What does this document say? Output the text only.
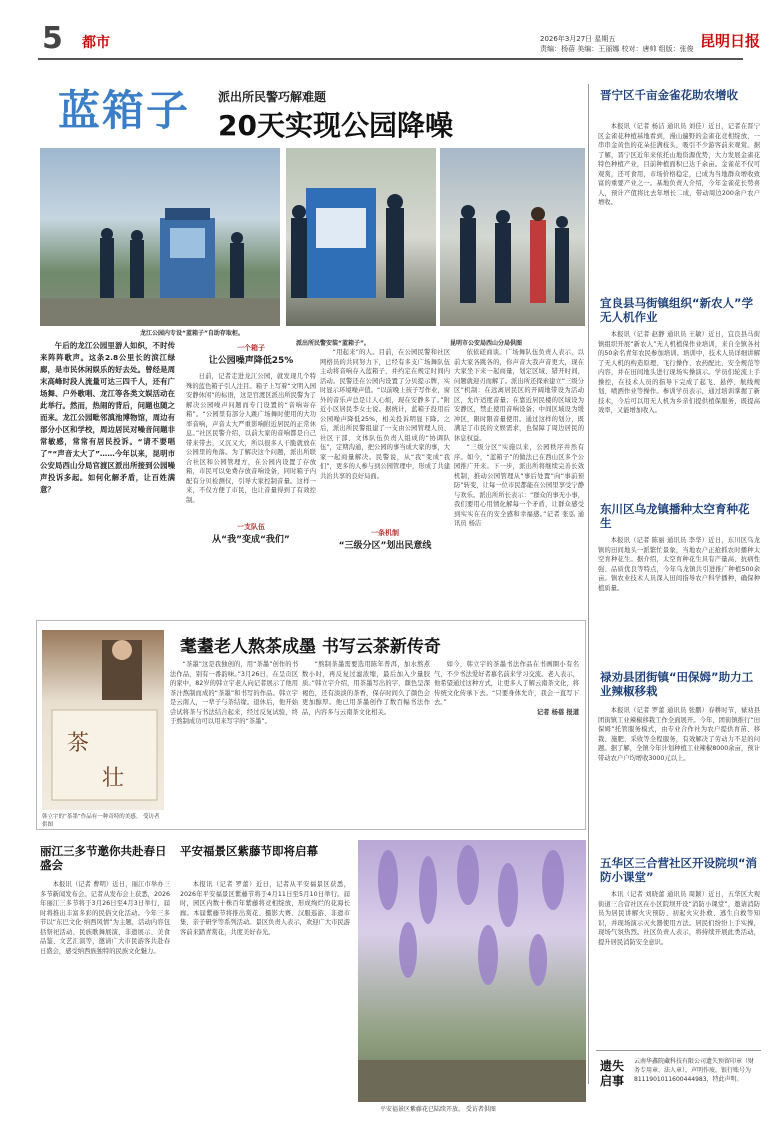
5 都市	2026年3月27日 星期五
责编：杨蓓 美编：王丽娜 校对：唐帅 组版：张俊 昆明日报
蓝箱子 派出所民警巧解难题
20天实现公园降噪
龙江公园内专设“蓝箱子”自助存取柜。
派出所民警安装“蓝箱子”。	昆明市公安局西山分局供图

午后的龙江公园里游人如织，不时传来阵阵歌声。这条2.8公里长的滨江绿廊，是市民休闲娱乐的好去处。曾经是周末高峰时段人流量可达三四千人，还有广场舞、户外歌唱、龙江等各类文娱活动在此举行。然而，热闹的背后，问题也随之而来。龙江公园毗邻滇池博物馆，周边有部分小区和学校，周边居民对噪音问题非常敏感，常常有居民投诉。“请不要唱了”“声音太大了”……今年以来，昆明市公安局西山分局官渡区派出所接到公园噪声投诉多起。如何化解矛盾，让百姓满意？

一个箱子
让公园噪声降低25%

日前，记者走进龙江公园，就发现几个特殊的蓝色箱子引人注目。箱子上写着“文明入园 安静休闲”的标语，这是官渡区派出所民警为了解决公园噪声问题而专门设置的“音响寄存箱”。“公园里有部分人跳广场舞时使用的大功率音响，声音太大严重影响附近居民的正常休息。”社区民警介绍，以前大家的音响都是自己带来带去，又沉又大，所以很多人干脆就放在公园里的角落。为了解决这个问题，派出所联合社区和公园管理方，在公园内设置了存放箱，市民可以免费存放音响设备，同时箱子内配有分贝检测仪，引导大家控制音量。这样一来，不仅方便了市民，也让音量得到了有效控制。

一支队伍
从“我”变成“我们”

“用起来”的人。目前，在公园民警和社区网格员的共同努力下，已经有多支广场舞队伍主动将音响存入蓝箱子，并约定在规定时间内活动。民警还在公园内设置了分贝提示牌，实时显示环境噪声值。“以前晚上孩子写作业，窗外的音乐声总是让人心烦，现在安静多了。”附近小区居民李女士说。据统计，蓝箱子投用后公园噪声降低25%，相关投诉明显下降。之后，派出所民警组建了一支由公园管理人员、社区干部、文体队伍负责人组成的“协调队伍”，定期沟通，把公园的事当成大家的事，大家一起商量解决。民警说，从“我”变成“我们”，更多的人参与到公园管理中，形成了共建共治共享的良好局面。

一条机制
“三级分区”划出民意线

依依磋商谈。广场舞队伍负责人表示，以前大家各跳各的，你声音大我声音更大，现在大家坐下来一起商量，划定区域、错开时间，问题就迎刃而解了。派出所还探索建立“三级分区”机制：在远离居民区的开阔地带设为活动区，允许适度音量；在靠近居民楼的区域设为安静区，禁止使用音响设备；中间区域设为缓冲区，限时限音量使用。通过这样的划分，既满足了市民的文娱需求，也保障了周边居民的休息权益。

“三级分区”实施以来，公园秩序井然有序。如今，“蓝箱子”的做法已在西山区多个公园推广开来。下一步，派出所将继续完善长效机制，推动公园管理从“事后处置”向“事前预防”转变，让每一位市民都能在公园里享受宁静与欢乐。派出所所长表示：“群众的事无小事，我们要用心用情化解每一个矛盾，让群众感受到实实在在的安全感和幸福感。”记者 张弘 通讯员 杨洁

晋宁区千亩金雀花助农增收

本报讯（记者 杨洁 通讯员 刘佳）近日，记者在晋宁区金雀花种植基地看到，漫山遍野的金雀花竞相绽放，一串串金黄色的花朵挂满枝头，吸引不少游客前来观赏。据了解，晋宁区近年来依托山地资源优势，大力发展金雀花特色种植产业，目前种植面积已达千余亩。金雀花不仅可观赏，还可食用，市场价格稳定，已成为当地群众增收致富的重要产业之一。基地负责人介绍，今年金雀花长势喜人，预计产值将比去年增长二成，带动周边200余户农户增收。

宜良县马街镇组织“新农人”学无人机作业

本报讯（记者 赵静 通讯员 王敏）近日，宜良县马街镇组织开展“新农人”无人机植保作业培训，来自全镇各村的50余名青年农民参加培训。培训中，技术人员详细讲解了无人机的构造原理、飞行操作、农药配比、安全规范等内容，并在田间地头进行现场实操演示。学员们轮流上手操控，在技术人员的指导下完成了起飞、悬停、航线规划、喷洒作业等操作。参训学员表示，通过培训掌握了新技术，今后可以用无人机为乡亲们提供植保服务，既提高效率，又能增加收入。

东川区乌龙镇播种太空育种花生

本报讯（记者 陈丽 通讯员 李华）近日，东川区乌龙镇的田间地头一派繁忙景象，当地农户正抢抓农时播种太空育种花生。据介绍，太空育种花生具有产量高、抗病性强、品质优良等特点，今年乌龙镇共引进推广种植500余亩。镇农业技术人员深入田间指导农户科学播种，确保种植质量。

禄劝县团街镇“田保姆”助力工业辣椒移栽

本报讯（记者 罗蕾 通讯员 张鹏）春耕时节，禄劝县团街镇工业辣椒移栽工作全面展开。今年，团街镇推行“田保姆”托管服务模式，由专业合作社为农户提供育苗、移栽、施肥、采收等全程服务，有效解决了劳动力不足的问题。据了解，全镇今年计划种植工业辣椒8000余亩，预计带动农户户均增收3000元以上。

五华区三合营社区开设院坝“消防小课堂”

本讯（记者 刘晓蕾 通讯员 周颖）近日，五华区大观街道三合营社区在小区院坝开设“消防小课堂”，邀请消防员为居民讲解火灾预防、初起火灾扑救、逃生自救等知识，并现场演示灭火器使用方法。居民们纷纷上手实操，现场气氛热烈。社区负责人表示，将持续开展此类活动，提升居民消防安全意识。

遗失启事
云南华鑫院藏科技有限公司遗失预留印章（财务专用章、法人章），声明作废。银行账号为8111901011600444983，特此声明。
耄耋老人熬茶成墨 书写云茶新传奇
茶
壮
韩立宇的“茶墨”作品有一种奇特的美感。 受访者供图

“茶墨”这是我独创的，用“茶墨”创作的书法作品，别有一番韵味。”3月26日，在呈贡区的家中，82岁的韩立宇老人向记者展示了他用茶汁熬制而成的“茶墨”和书写的作品。韩立宇是云南人，一辈子与茶结缘。退休后，他开始尝试将茶与书法结合起来，经过反复试验，终于熬制成功可以用来写字的“茶墨”。

“熬制茶墨需要选用陈年普洱，加水熬煮数小时，再反复过滤浓缩，最后加入少量胶质。”韩立宇介绍，用茶墨写出的字，颜色呈深褐色，还有淡淡的茶香，保存时间久了颜色会更加醇厚。他已用茶墨创作了数百幅书法作品，内容多与云南茶文化相关。

如今，韩立宇的茶墨书法作品在书画圈小有名气，不少书法爱好者慕名前来学习交流。老人表示，他希望通过这种方式，让更多人了解云南茶文化，将传统文化传承下去。“只要身体允许，我会一直写下去。”

记者 杨蓓 报道

丽江三多节邀你共赴春日盛会

本报讯（记者 曹明）近日，丽江市举办三多节新闻发布会。记者从发布会上获悉，2026年丽江三多节将于3月26日至4月3日举行，届时将推出丰富多彩的民俗文化活动。今年三多节以“东巴文化·纳西风情”为主题，活动内容包括祭祀活动、民族歌舞展演、非遗展示、美食品鉴、文艺汇演等，邀请广大市民游客共赴春日盛会，感受纳西族独特的民族文化魅力。

平安福景区紫藤节即将启幕

本报讯（记者 罗蕾）近日，记者从平安福景区获悉，2026年平安福景区紫藤节将于4月11日至5月10日举行。届时，园区内数十株百年紫藤将竞相绽放，形成绚烂的花海长廊。本届紫藤节将推出赏花、摄影大赛、汉服巡游、非遗市集、亲子研学等系列活动。景区负责人表示，欢迎广大市民游客前来踏青赏花，共度美好春光。

平安福景区紫藤花已陆续开放。 受访者供图
